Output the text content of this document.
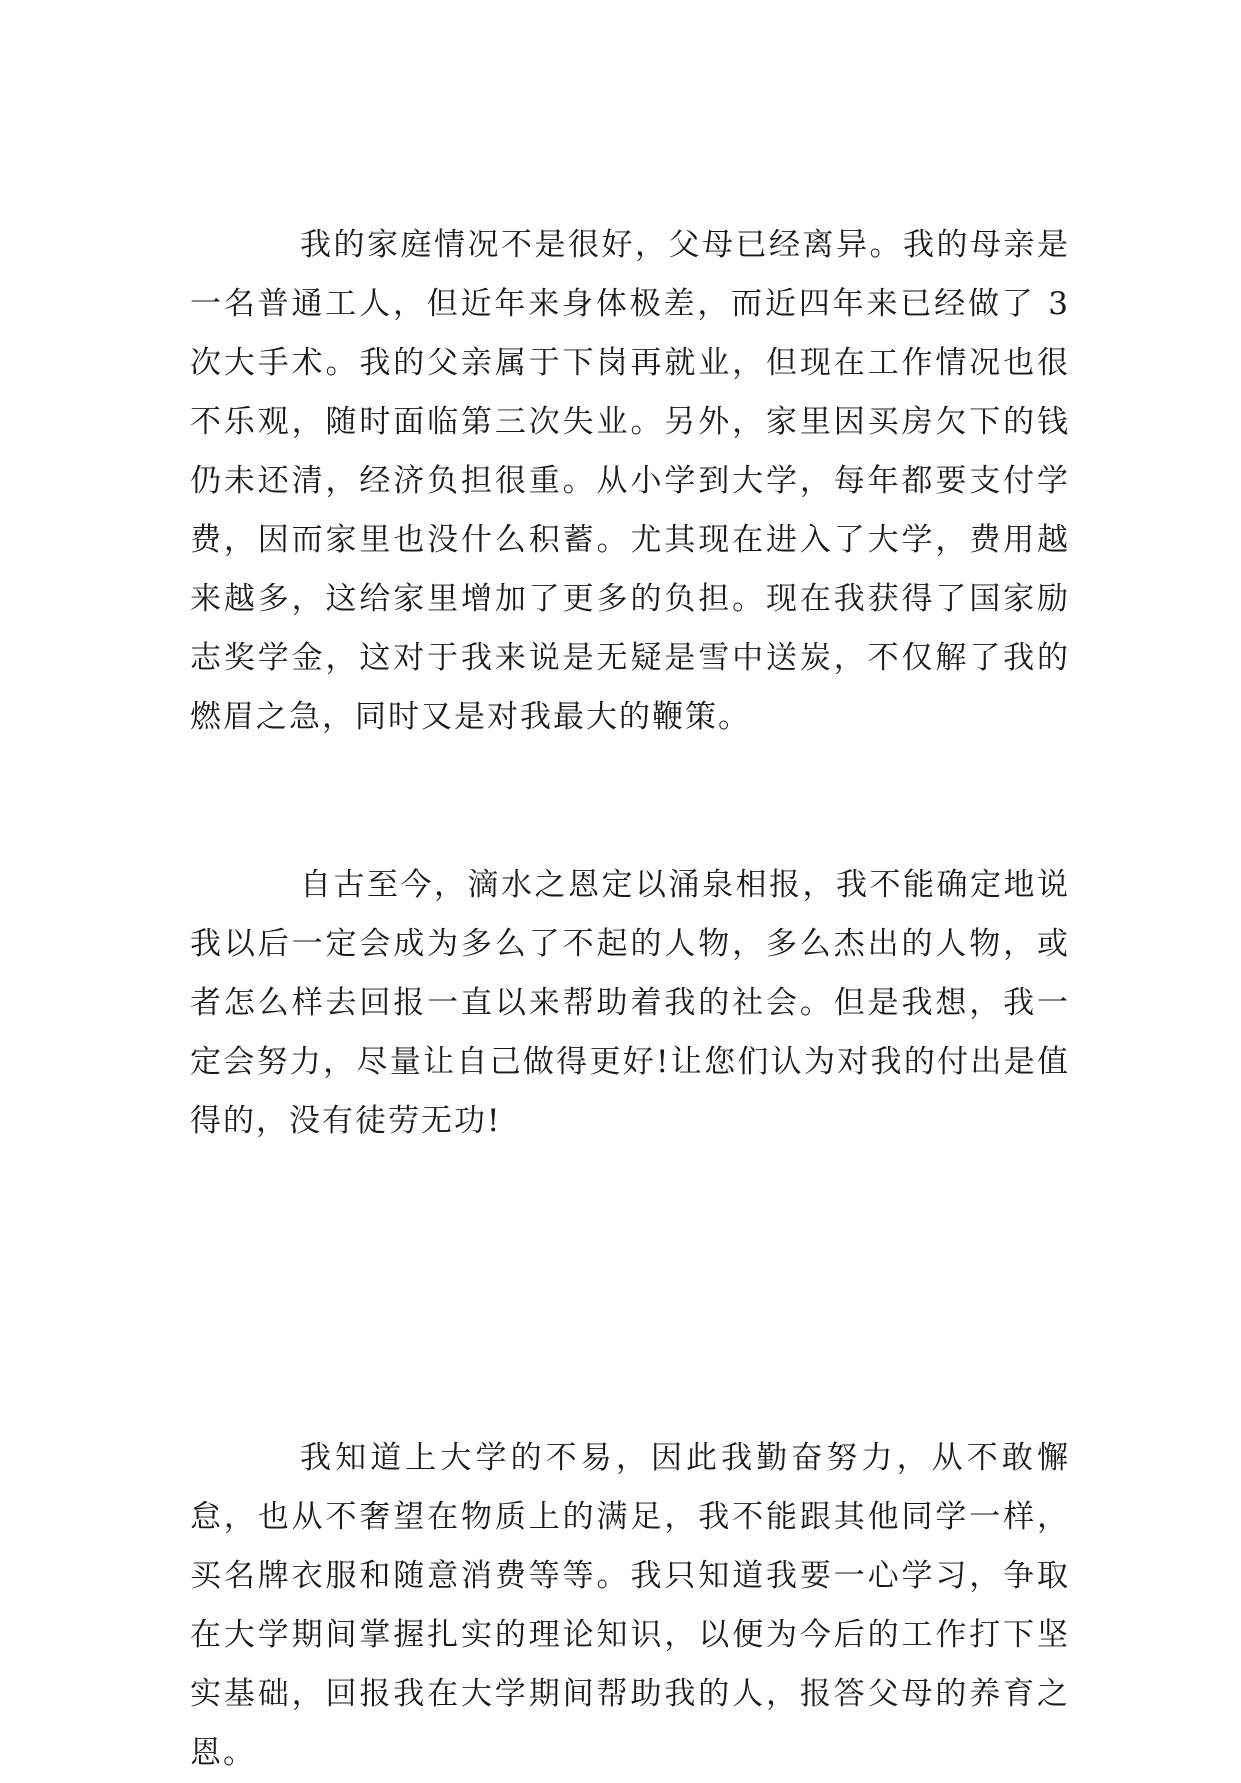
我的家庭情况不是很好，父母已经离异。我的母亲是一名普通工人，但近年来身体极差，而近四年来已经做了 3 次大手术。我的父亲属于下岗再就业，但现在工作情况也很不乐观，随时面临第三次失业。另外，家里因买房欠下的钱仍未还清，经济负担很重。从小学到大学，每年都要支付学费，因而家里也没什么积蓄。尤其现在进入了大学，费用越来越多，这给家里增加了更多的负担。现在我获得了国家励志奖学金，这对于我来说是无疑是雪中送炭，不仅解了我的燃眉之急，同时又是对我最大的鞭策。

自古至今，滴水之恩定以涌泉相报，我不能确定地说我以后一定会成为多么了不起的人物，多么杰出的人物，或者怎么样去回报一直以来帮助着我的社会。但是我想，我一定会努力，尽量让自己做得更好!让您们认为对我的付出是值得的，没有徒劳无功!

我知道上大学的不易，因此我勤奋努力，从不敢懈怠，也从不奢望在物质上的满足，我不能跟其他同学一样，买名牌衣服和随意消费等等。我只知道我要一心学习，争取在大学期间掌握扎实的理论知识，以便为今后的工作打下坚实基础，回报我在大学期间帮助我的人，报答父母的养育之恩。
